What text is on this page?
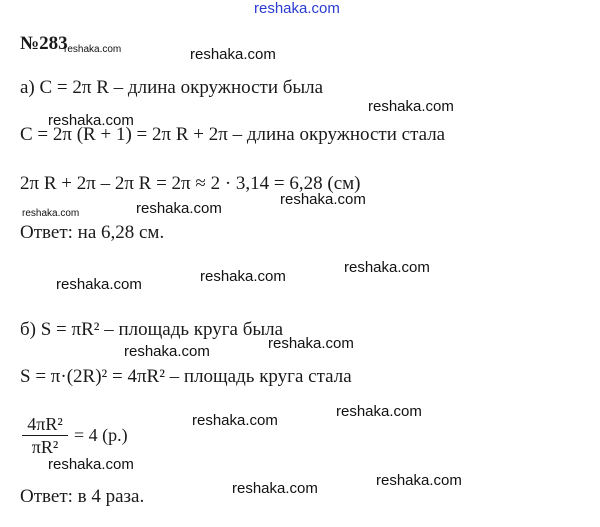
reshaka.com
№283
reshaka.com	reshaka.com
а) C = 2π R – длина окружности была
reshaka.com
reshaka.com
C = 2π (R + 1) = 2π R + 2π – длина окружности стала
2π R + 2π – 2π R = 2π ≈ 2 · 3,14 = 6,28 (см)
reshaka.com
reshaka.com
reshaka.com
Ответ: на 6,28 см.
reshaka.com
reshaka.com
reshaka.com
б) S = πR² – площадь круга была
reshaka.com
reshaka.com
S = π·(2R)² = 4πR² – площадь круга стала
reshaka.com
reshaka.com
$\frac{\text{4πR²}}{\text{πR²}} = 4$ (р.)
reshaka.com
reshaka.com
reshaka.com
Ответ: в 4 раза.
